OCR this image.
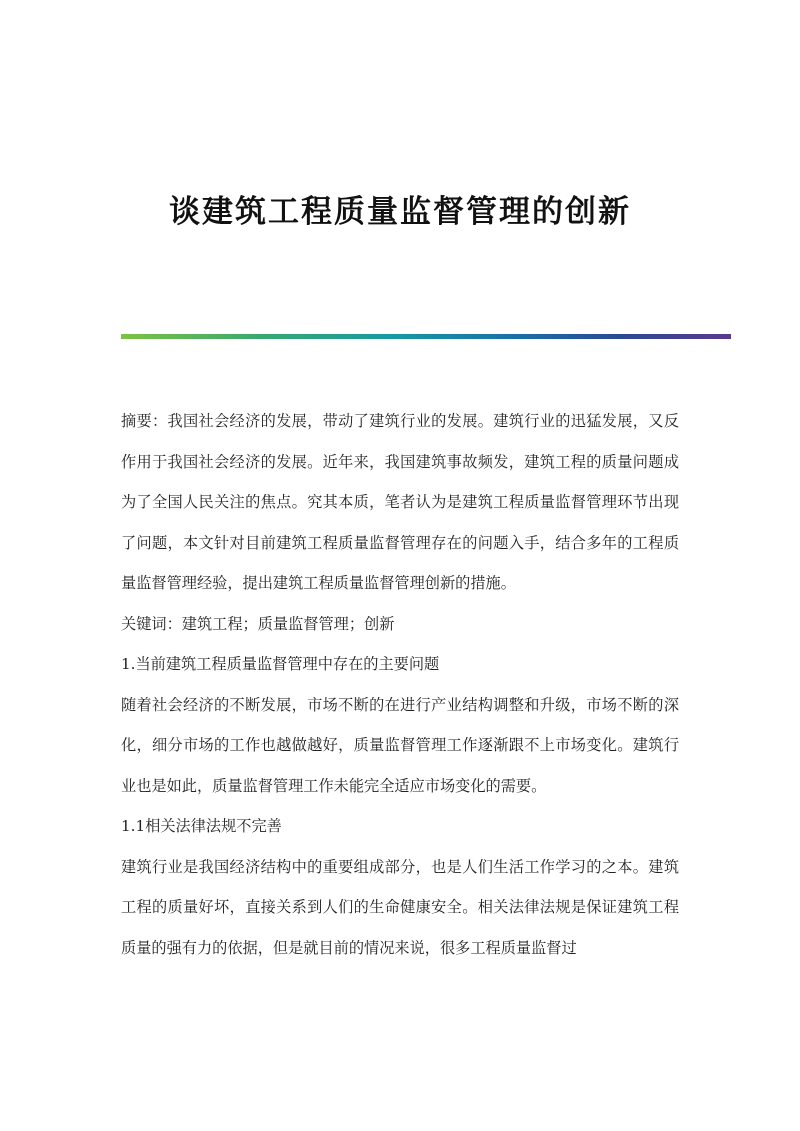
谈建筑工程质量监督管理的创新

摘要：我国社会经济的发展，带动了建筑行业的发展。建筑行业的迅猛发展，又反作用于我国社会经济的发展。近年来，我国建筑事故频发，建筑工程的质量问题成为了全国人民关注的焦点。究其本质，笔者认为是建筑工程质量监督管理环节出现了问题，本文针对目前建筑工程质量监督管理存在的问题入手，结合多年的工程质量监督管理经验，提出建筑工程质量监督管理创新的措施。

关键词：建筑工程；质量监督管理；创新

1.当前建筑工程质量监督管理中存在的主要问题

随着社会经济的不断发展，市场不断的在进行产业结构调整和升级，市场不断的深化，细分市场的工作也越做越好，质量监督管理工作逐渐跟不上市场变化。建筑行业也是如此，质量监督管理工作未能完全适应市场变化的需要。

1.1相关法律法规不完善

建筑行业是我国经济结构中的重要组成部分，也是人们生活工作学习的之本。建筑工程的质量好坏，直接关系到人们的生命健康安全。相关法律法规是保证建筑工程质量的强有力的依据，但是就目前的情况来说，很多工程质量监督过
